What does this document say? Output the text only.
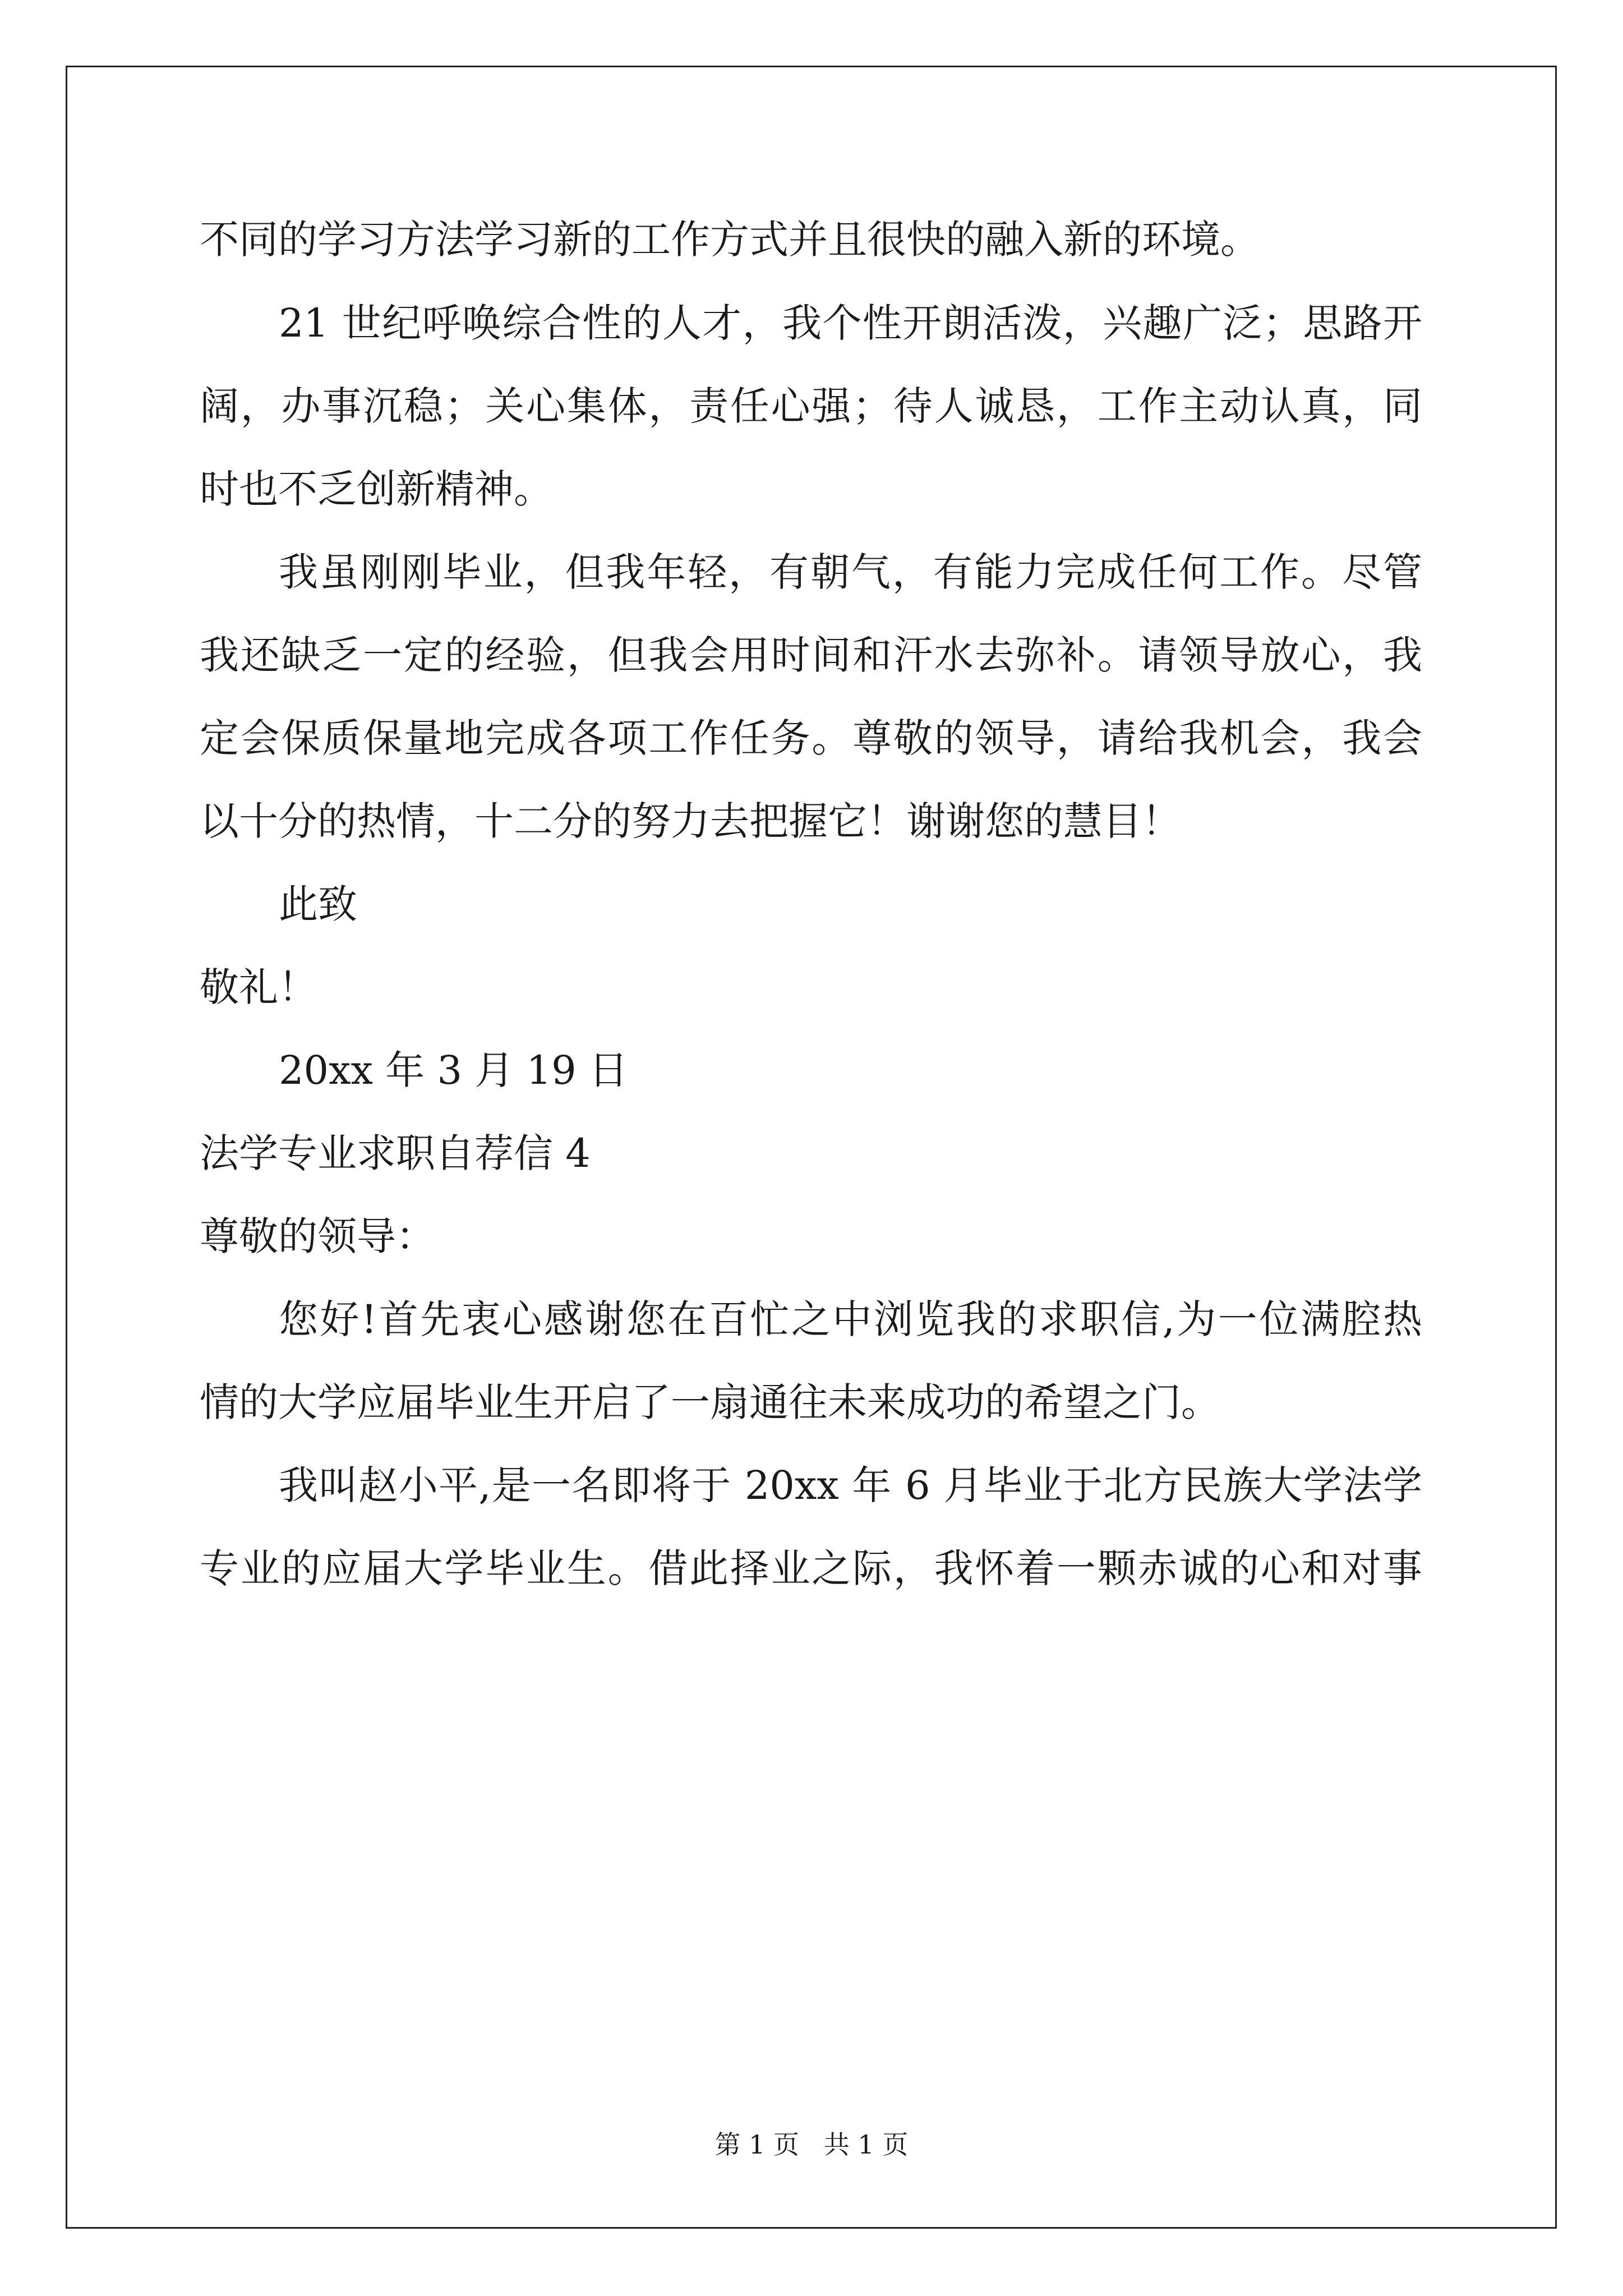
不同的学习方法学习新的工作方式并且很快的融入新的环境。
21 世纪呼唤综合性的人才，我个性开朗活泼，兴趣广泛；思路开
阔，办事沉稳；关心集体，责任心强；待人诚恳，工作主动认真，同
时也不乏创新精神。
我虽刚刚毕业，但我年轻，有朝气，有能力完成任何工作。尽管
我还缺乏一定的经验，但我会用时间和汗水去弥补。请领导放心，我
定会保质保量地完成各项工作任务。尊敬的领导，请给我机会，我会
以十分的热情，十二分的努力去把握它！谢谢您的慧目！
此致
敬礼！
20xx 年 3 月 19 日
法学专业求职自荐信 4
尊敬的领导：
您好!首先衷心感谢您在百忙之中浏览我的求职信,为一位满腔热
情的大学应届毕业生开启了一扇通往未来成功的希望之门。
我叫赵小平,是一名即将于 20xx 年 6 月毕业于北方民族大学法学
专业的应届大学毕业生。借此择业之际，我怀着一颗赤诚的心和对事
第 1 页   共 1 页
